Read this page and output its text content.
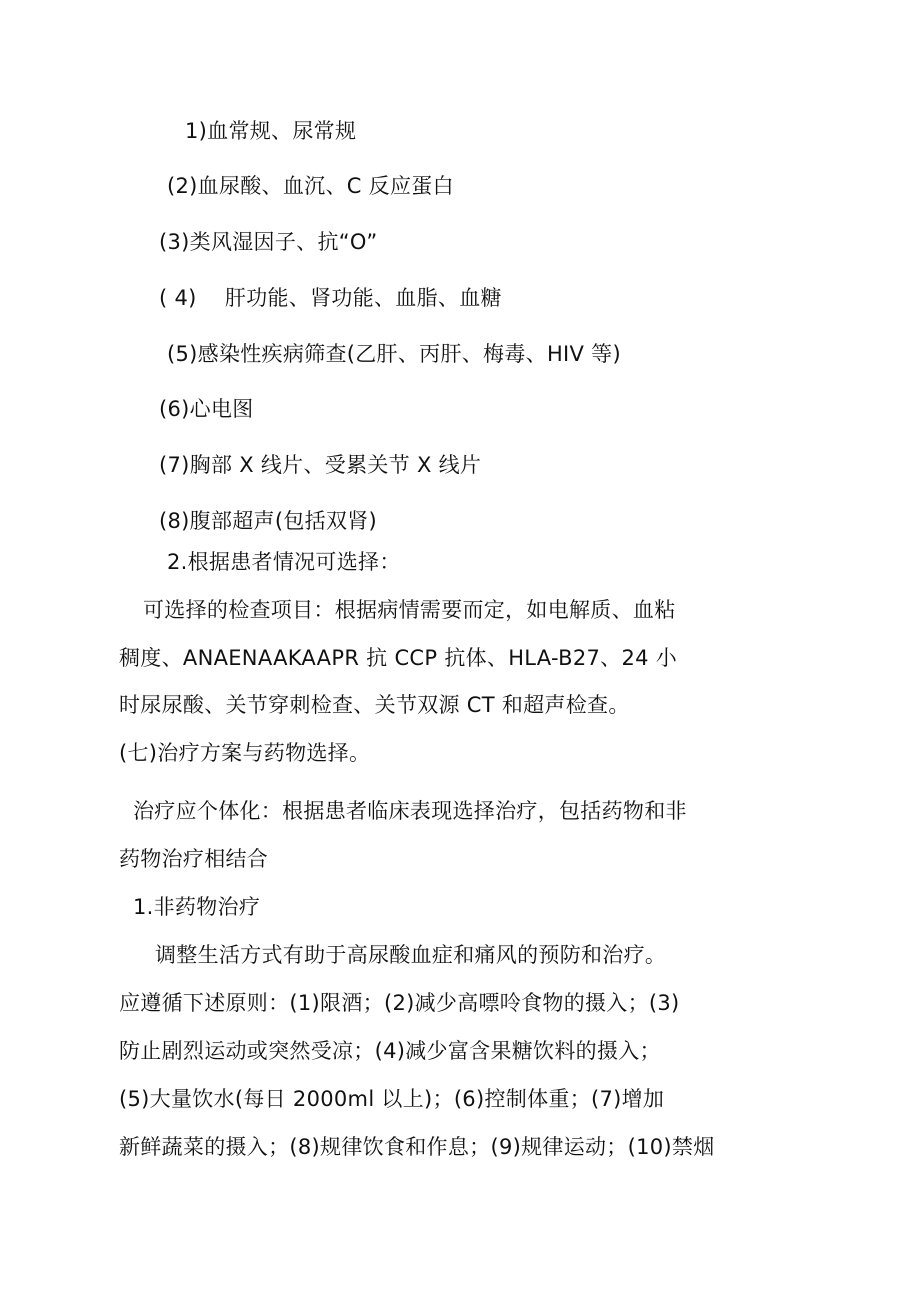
1)血常规、尿常规
(2)血尿酸、血沉、C 反应蛋白
(3)类风湿因子、抗“O”
( 4)　 肝功能、肾功能、血脂、血糖
(5)感染性疾病筛查(乙肝、丙肝、梅毒、HIV 等)
(6)心电图
(7)胸部 X 线片、受累关节 X 线片
(8)腹部超声(包括双肾)
2.根据患者情况可选择：
可选择的检查项目：根据病情需要而定，如电解质、血粘
稠度、ANAENAAKAAPR 抗 CCP 抗体、HLA-B27、24 小
时尿尿酸、关节穿刺检查、关节双源 CT 和超声检查。
(七)治疗方案与药物选择。
治疗应个体化：根据患者临床表现选择治疗，包括药物和非
药物治疗相结合
1.非药物治疗
调整生活方式有助于高尿酸血症和痛风的预防和治疗。
应遵循下述原则：(1)限酒；(2)减少高嘌呤食物的摄入；(3)
防止剧烈运动或突然受凉；(4)减少富含果糖饮料的摄入；
(5)大量饮水(每日 2000ml 以上)；(6)控制体重；(7)增加
新鲜蔬菜的摄入；(8)规律饮食和作息；(9)规律运动；(10)禁烟
